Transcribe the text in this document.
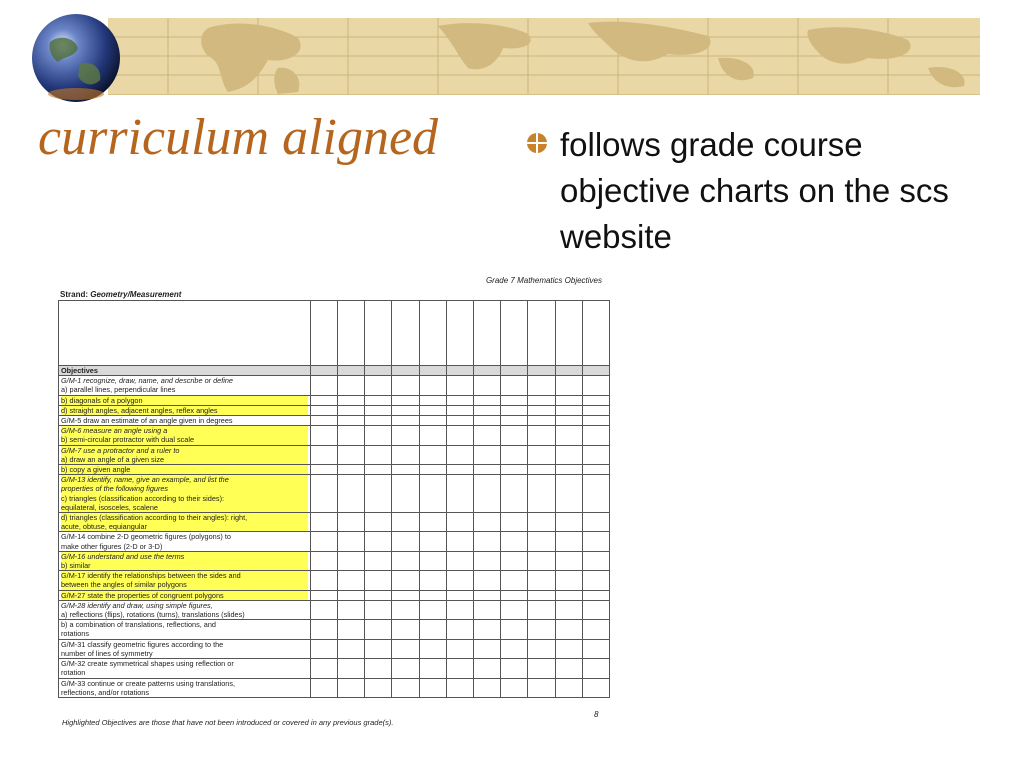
curriculum aligned	follows grade course objective charts on the scs website

Grade 7 Mathematics Objectives
Strand: Geometry/Measurement

Objectives											

G/M-1 recognize, draw, name, and describe or define
a) parallel lines, perpendicular lines											

b) diagonals of a polygon											

d) straight angles, adjacent angles, reflex angles											

G/M-5 draw an estimate of an angle given in degrees											

G/M-6 measure an angle using a
b) semi-circular protractor with dual scale											

G/M-7 use a protractor and a ruler to
a) draw an angle of a given size											

b) copy a given angle											

G/M-13 identify, name, give an example, and list the
properties of the following figures
c) triangles (classification according to their sides):
equilateral, isosceles, scalene											

d) triangles (classification according to their angles): right,
acute, obtuse, equiangular											

G/M-14 combine 2-D geometric figures (polygons) to
make other figures (2-D or 3-D)											

G/M-16 understand and use the terms
b) similar											

G/M-17 identify the relationships between the sides and
between the angles of similar polygons											

G/M-27 state the properties of congruent polygons											

G/M-28 identify and draw, using simple figures,
a) reflections (flips), rotations (turns), translations (slides)											

b) a combination of translations, reflections, and
rotations											

G/M-31 classify geometric figures according to the
number of lines of symmetry											

G/M-32 create symmetrical shapes using reflection or
rotation											

G/M-33 continue or create patterns using translations,
reflections, and/or rotations											

8
Highlighted Objectives are those that have not been introduced or covered in any previous grade(s).
